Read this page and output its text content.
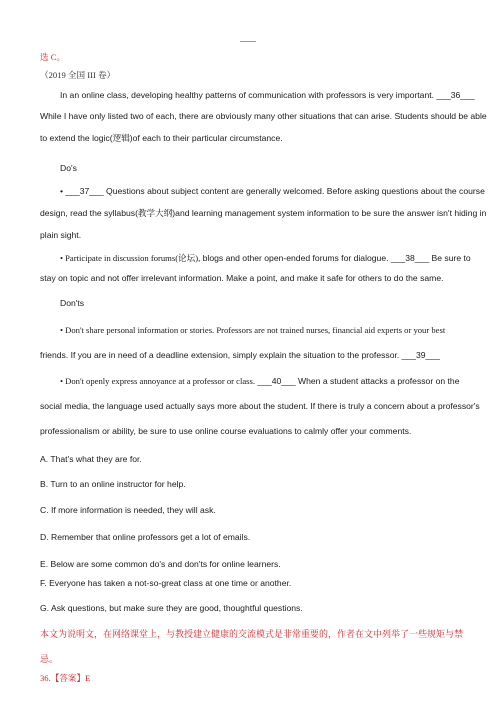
选 C。
（2019 全国 III 卷）
In an online class, developing healthy patterns of communication with professors is very important. ___36___
While I have only listed two of each, there are obviously many other situations that can arise. Students should be able
to extend the logic(逻辑)of each to their particular circumstance.
Do's
• ___37___ Questions about subject content are generally welcomed. Before asking questions about the course
design, read the syllabus(教学大纲)and learning management system information to be sure the answer isn't hiding in
plain sight.
• Participate in discussion forums(论坛), blogs and other open-ended forums for dialogue. ___38___ Be sure to
stay on topic and not offer irrelevant information. Make a point, and make it safe for others to do the same.
Don'ts
• Don't share personal information or stories. Professors are not trained nurses, financial aid experts or your best
friends. If you are in need of a deadline extension, simply explain the situation to the professor. ___39___
• Don't openly express annoyance at a professor or class. ___40___ When a student attacks a professor on the
social media, the language used actually says more about the student. If there is truly a concern about a professor's
professionalism or ability, be sure to use online course evaluations to calmly offer your comments.
A. That's what they are for.
B. Turn to an online instructor for help.
C. If more information is needed, they will ask.
D. Remember that online professors get a lot of emails.
E. Below are some common do's and don'ts for online learners.
F. Everyone has taken a not-so-great class at one time or another.
G. Ask questions, but make sure they are good, thoughtful questions.
本文为说明文，在网络课堂上，与教授建立健康的交流模式是非常重要的，作者在文中列举了一些规矩与禁
忌。
36.【答案】E
